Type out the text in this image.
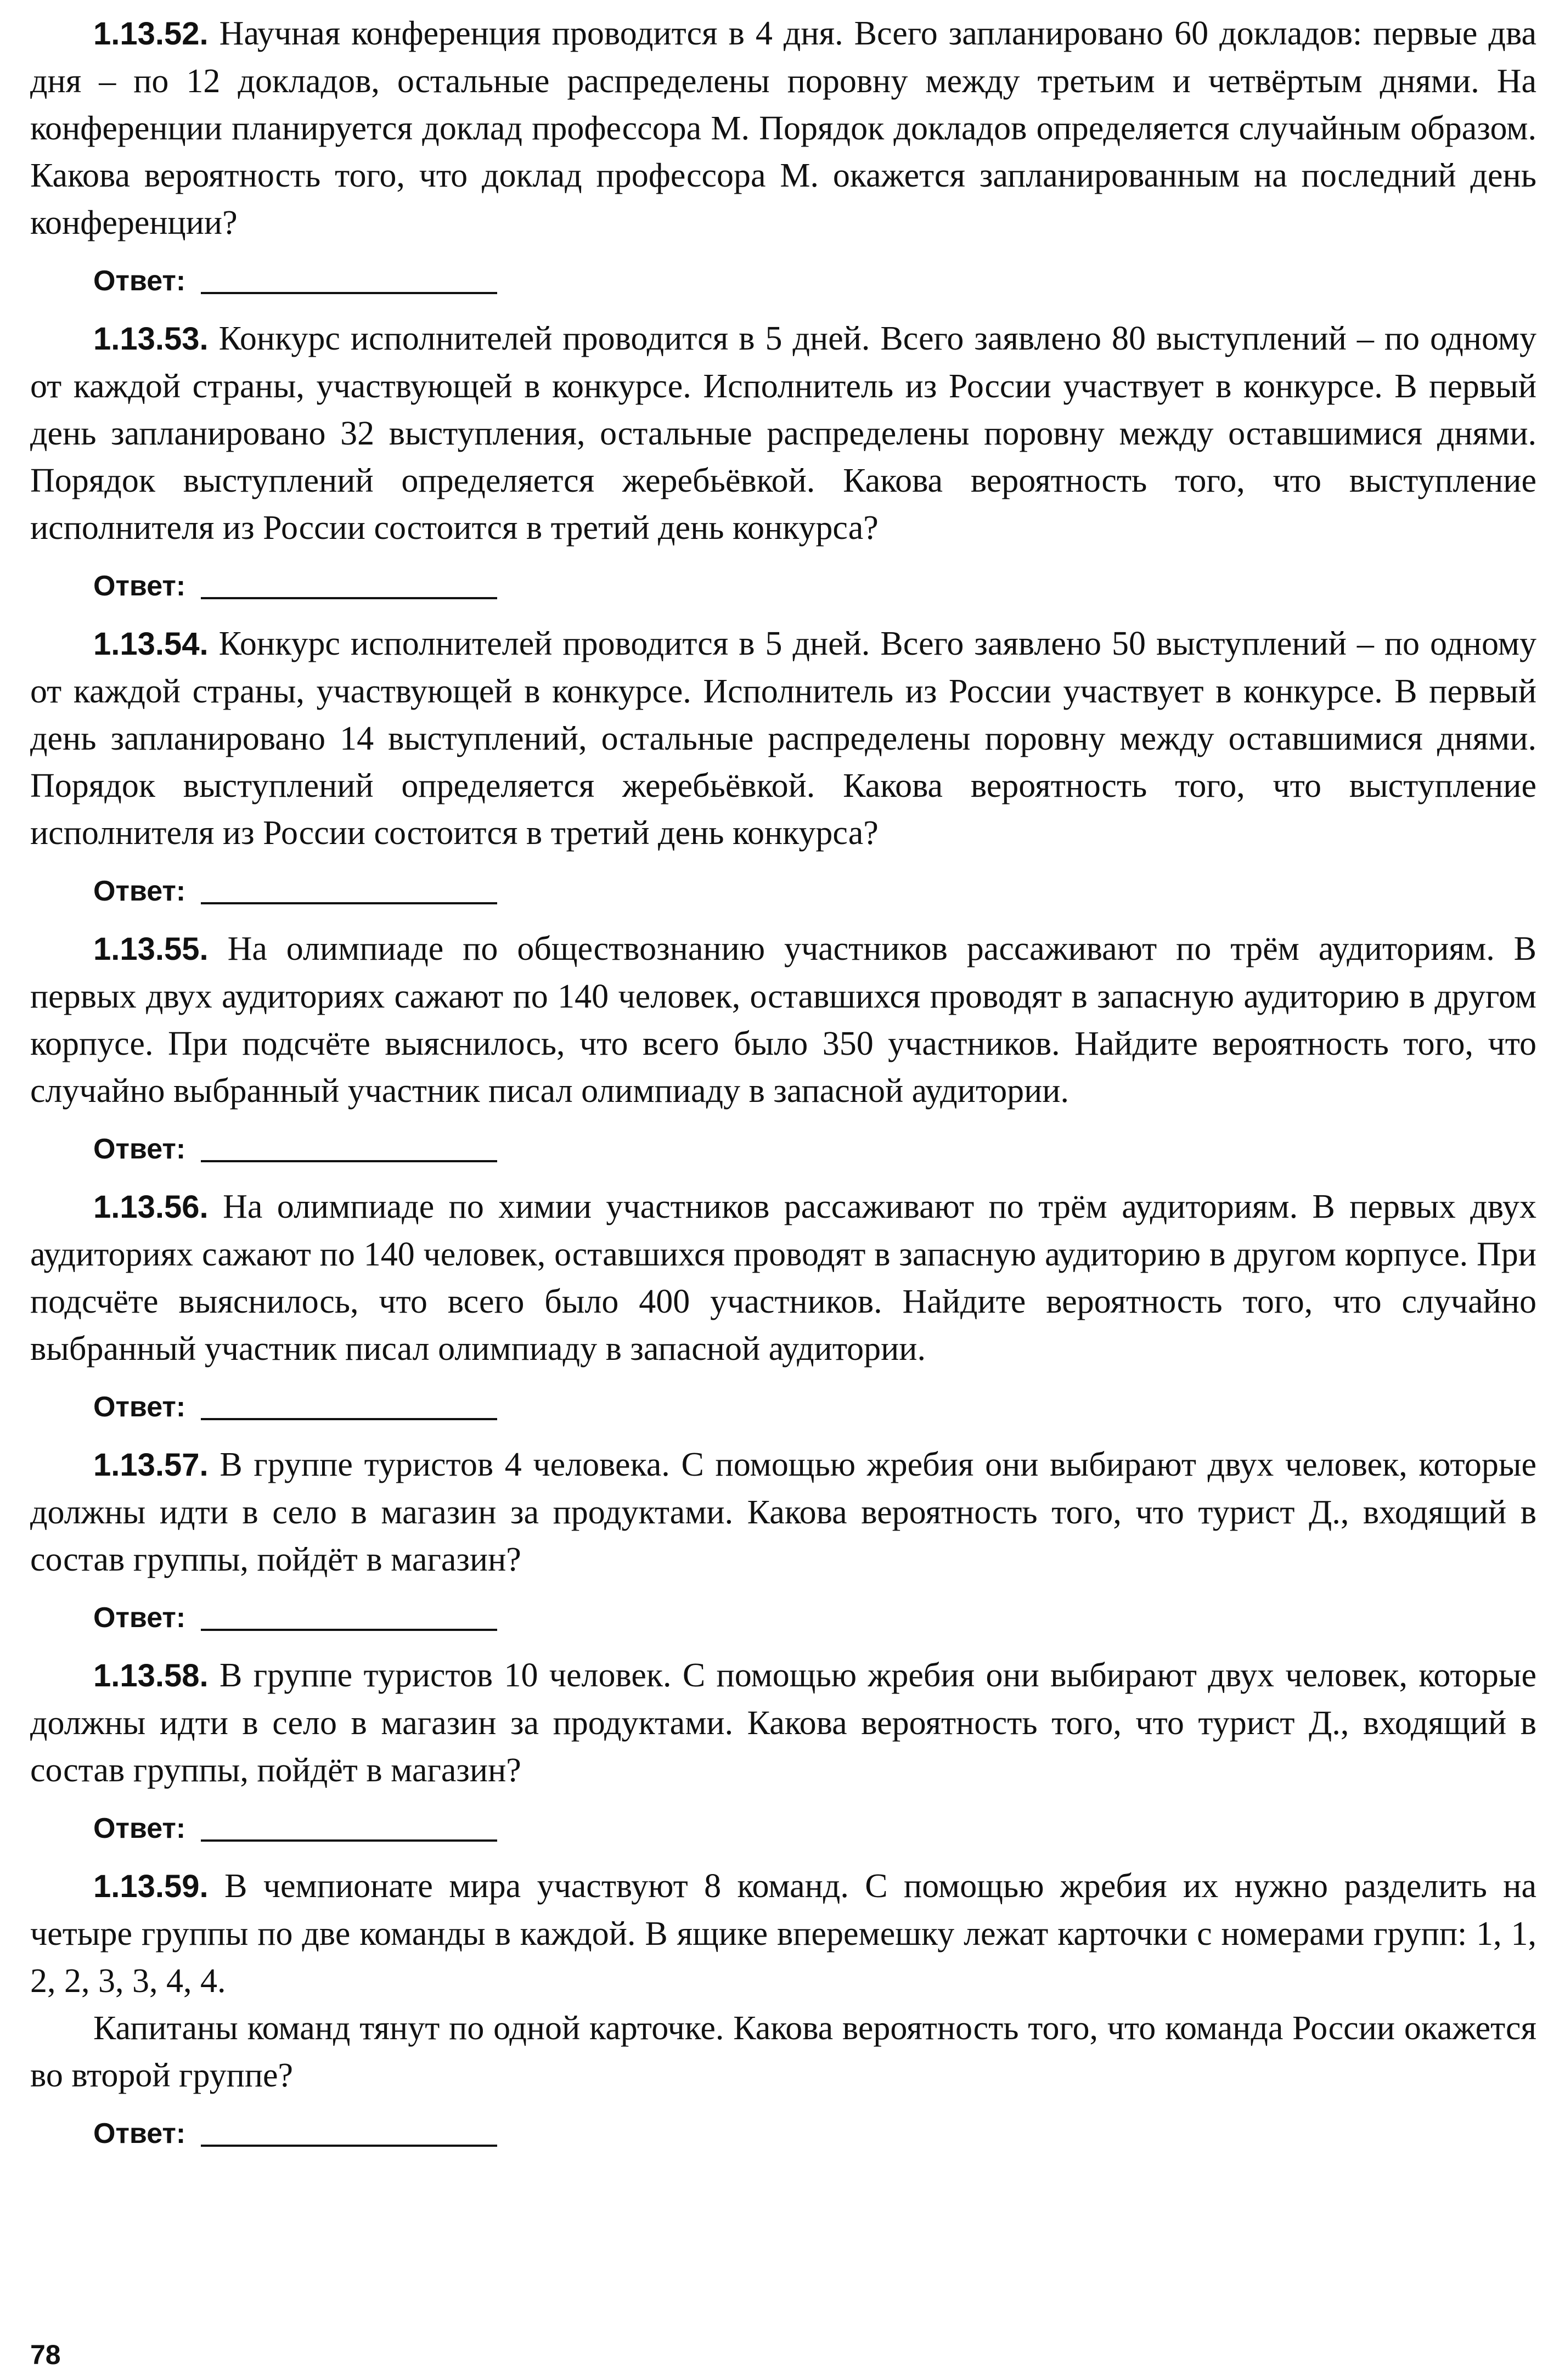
1.13.52. Научная конференция проводится в 4 дня. Всего запланировано 60 докладов: первые два дня – по 12 докладов, остальные распределены поровну между третьим и четвёртым днями. На конференции планируется доклад профессора М. Порядок докладов определяется случайным образом. Какова вероятность того, что доклад профессора М. окажется запланированным на последний день конференции?

Ответ:

1.13.53. Конкурс исполнителей проводится в 5 дней. Всего заявлено 80 выступлений – по одному от каждой страны, участвующей в конкурсе. Исполнитель из России участвует в конкурсе. В первый день запланировано 32 выступления, остальные распределены поровну между оставшимися днями. Порядок выступлений определяется жеребьёвкой. Какова вероятность того, что выступление исполнителя из России состоится в третий день конкурса?

Ответ:

1.13.54. Конкурс исполнителей проводится в 5 дней. Всего заявлено 50 выступлений – по одному от каждой страны, участвующей в конкурсе. Исполнитель из России участвует в конкурсе. В первый день запланировано 14 выступлений, остальные распределены поровну между оставшимися днями. Порядок выступлений определяется жеребьёвкой. Какова вероятность того, что выступление исполнителя из России состоится в третий день конкурса?

Ответ:

1.13.55. На олимпиаде по обществознанию участников рассаживают по трём аудиториям. В первых двух аудиториях сажают по 140 человек, оставшихся проводят в запасную аудиторию в другом корпусе. При подсчёте выяснилось, что всего было 350 участников. Найдите вероятность того, что случайно выбранный участник писал олимпиаду в запасной аудитории.

Ответ:

1.13.56. На олимпиаде по химии участников рассаживают по трём аудиториям. В первых двух аудиториях сажают по 140 человек, оставшихся проводят в запасную аудиторию в другом корпусе. При подсчёте выяснилось, что всего было 400 участников. Найдите вероятность того, что случайно выбранный участник писал олимпиаду в запасной аудитории.

Ответ:

1.13.57. В группе туристов 4 человека. С помощью жребия они выбирают двух человек, которые должны идти в село в магазин за продуктами. Какова вероятность того, что турист Д., входящий в состав группы, пойдёт в магазин?

Ответ:

1.13.58. В группе туристов 10 человек. С помощью жребия они выбирают двух человек, которые должны идти в село в магазин за продуктами. Какова вероятность того, что турист Д., входящий в состав группы, пойдёт в магазин?

Ответ:

1.13.59. В чемпионате мира участвуют 8 команд. С помощью жребия их нужно разделить на четыре группы по две команды в каждой. В ящике вперемешку лежат карточки с номерами групп: 1, 1, 2, 2, 3, 3, 4, 4.

Капитаны команд тянут по одной карточке. Какова вероятность того, что команда России окажется во второй группе?

Ответ:
78
